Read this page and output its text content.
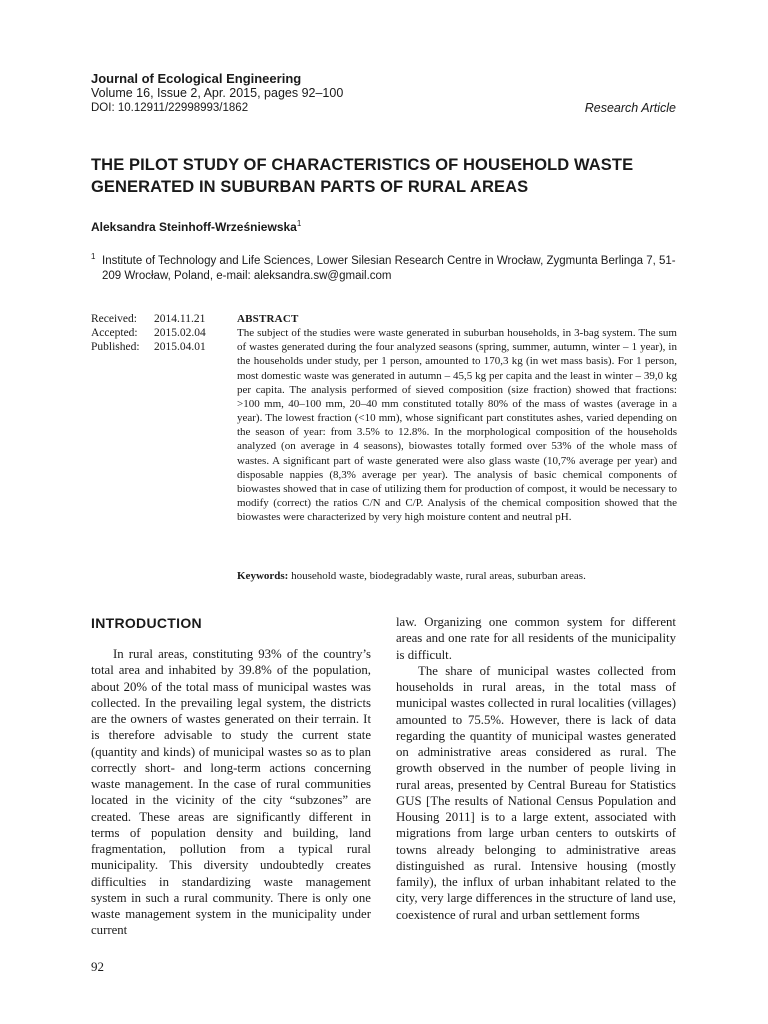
Journal of Ecological Engineering
Volume 16, Issue 2, Apr. 2015, pages 92–100
DOI: 10.12911/22998993/1862	Research Article
THE PILOT STUDY OF CHARACTERISTICS OF HOUSEHOLD WASTE GENERATED IN SUBURBAN PARTS OF RURAL AREAS
Aleksandra Steinhoff-Wrześniewska$^1$
1 Institute of Technology and Life Sciences, Lower Silesian Research Centre in Wrocław, Zygmunta Berlinga 7, 51-209 Wrocław, Poland, e-mail: aleksandra.sw@gmail.com
Received:	2014.11.21
Accepted:	2015.02.04
Published:	2015.04.01
ABSTRACT
The subject of the studies were waste generated in suburban households, in 3-bag system. The sum of wastes generated during the four analyzed seasons (spring, summer, autumn, winter – 1 year), in the households under study, per 1 person, amounted to 170,3 kg (in wet mass basis). For 1 person, most domestic waste was generated in autumn – 45,5 kg per capita and the least in winter – 39,0 kg per capita. The analysis performed of sieved composition (size fraction) showed that fractions: >100 mm, 40–100 mm, 20–40 mm constituted totally 80% of the mass of wastes (average in a year). The lowest fraction (<10 mm), whose significant part constitutes ashes, varied depending on the season of year: from 3.5% to 12.8%. In the morphological composition of the households analyzed (on average in 4 seasons), biowastes totally formed over 53% of the whole mass of wastes. A significant part of waste generated were also glass waste (10,7% average per year) and disposable nappies (8,3% average per year). The analysis of basic chemical components of biowastes showed that in case of utilizing them for production of compost, it would be necessary to modify (correct) the ratios C/N and C/P. Analysis of the chemical composition showed that the biowastes were characterized by very high moisture content and neutral pH.
Keywords: household waste, biodegradably waste, rural areas, suburban areas.
INTRODUCTION

In rural areas, constituting 93% of the country’s total area and inhabited by 39.8% of the population, about 20% of the total mass of municipal wastes was collected. In the prevailing legal system, the districts are the owners of wastes generated on their terrain. It is therefore advisable to study the current state (quantity and kinds) of municipal wastes so as to plan correctly short- and long-term actions concerning waste management. In the case of rural communities located in the vicinity of the city “subzones” are created. These areas are significantly different in terms of population density and building, land fragmentation, pollution from a typical rural municipality. This diversity undoubtedly creates difficulties in standardizing waste management system in such a rural community. There is only one waste management system in the municipality under current

law. Organizing one common system for different areas and one rate for all residents of the municipality is difficult.

The share of municipal wastes collected from households in rural areas, in the total mass of municipal wastes collected in rural localities (villages) amounted to 75.5%. However, there is lack of data regarding the quantity of municipal wastes generated on administrative areas considered as rural. The growth observed in the number of people living in rural areas, presented by Central Bureau for Statistics GUS [The results of National Census Population and Housing 2011] is to a large extent, associated with migrations from large urban centers to outskirts of towns already belonging to administrative areas distinguished as rural. Intensive housing (mostly family), the influx of urban inhabitant related to the city, very large differences in the structure of land use, coexistence of rural and urban settlement forms

92
